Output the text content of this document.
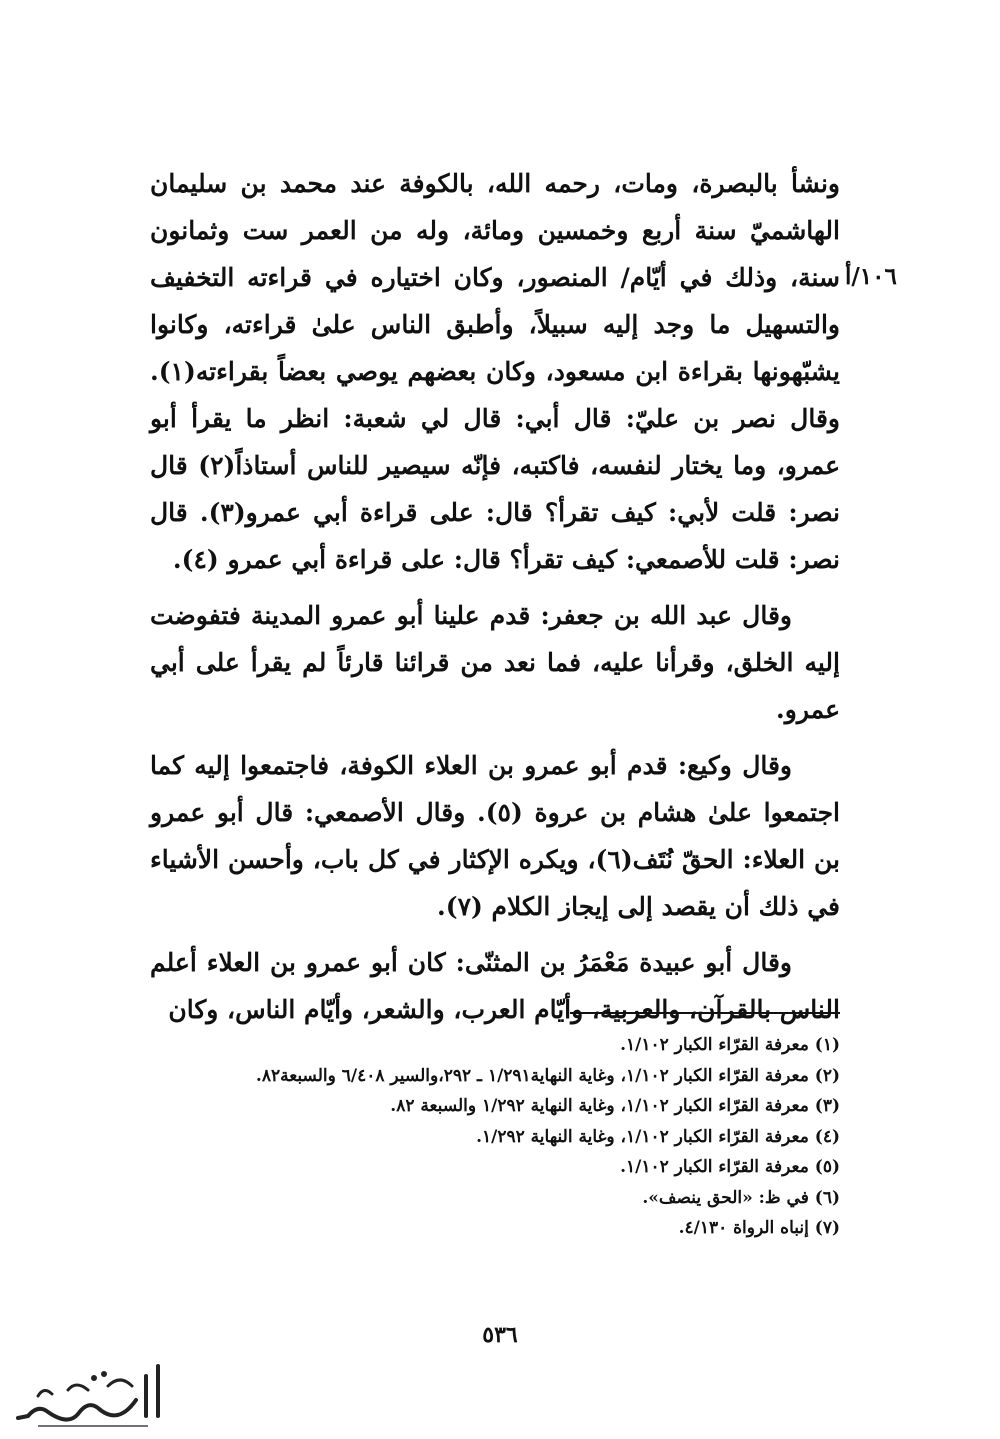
١٠٦/أ

ونشأ بالبصرة، ومات، رحمه الله، بالكوفة عند محمد بن سليمان الهاشميّ سنة أربع وخمسين ومائة، وله من العمر ست وثمانون سنة، وذلك في أيّام/ المنصور، وكان اختياره في قراءته التخفيف والتسهيل ما وجد إليه سبيلاً، وأطبق الناس علىٰ قراءته، وكانوا يشبّهونها بقراءة ابن مسعود، وكان بعضهم يوصي بعضاً بقراءته(١). وقال نصر بن عليّ: قال أبي: قال لي شعبة: انظر ما يقرأ أبو عمرو، وما يختار لنفسه، فاكتبه، فإنّه سيصير للناس أستاذاً(٢) قال نصر: قلت لأبي: كيف تقرأ؟ قال: على قراءة أبي عمرو(٣). قال نصر: قلت للأصمعي: كيف تقرأ؟ قال: على قراءة أبي عمرو (٤).

وقال عبد الله بن جعفر: قدم علينا أبو عمرو المدينة فتفوضت إليه الخلق، وقرأنا عليه، فما نعد من قرائنا قارئاً لم يقرأ على أبي عمرو.

وقال وكيع: قدم أبو عمرو بن العلاء الكوفة، فاجتمعوا إليه كما اجتمعوا علىٰ هشام بن عروة (٥). وقال الأصمعي: قال أبو عمرو بن العلاء: الحقّ نُتَف(٦)، ويكره الإكثار في كل باب، وأحسن الأشياء في ذلك أن يقصد إلى إيجاز الكلام (٧).

وقال أبو عبيدة مَعْمَرُ بن المثنّى: كان أبو عمرو بن العلاء أعلم الناس بالقرآن، والعربية، وأيّام العرب، والشعر، وأيّام الناس، وكان

(١) معرفة القرّاء الكبار ١/١٠٢.
(٢) معرفة القرّاء الكبار ١/١٠٢، وغاية النهاية١/٢٩١ ـ ٢٩٢،والسير ٦/٤٠٨ والسبعة٨٢.
(٣) معرفة القرّاء الكبار ١/١٠٢، وغاية النهاية ١/٢٩٢ والسبعة ٨٢.
(٤) معرفة القرّاء الكبار ١/١٠٢، وغاية النهاية ١/٢٩٢.
(٥) معرفة القرّاء الكبار ١/١٠٢.
(٦) في ظ: «الحق ينصف».
(٧) إنباه الرواة ٤/١٣٠.
٥٣٦
